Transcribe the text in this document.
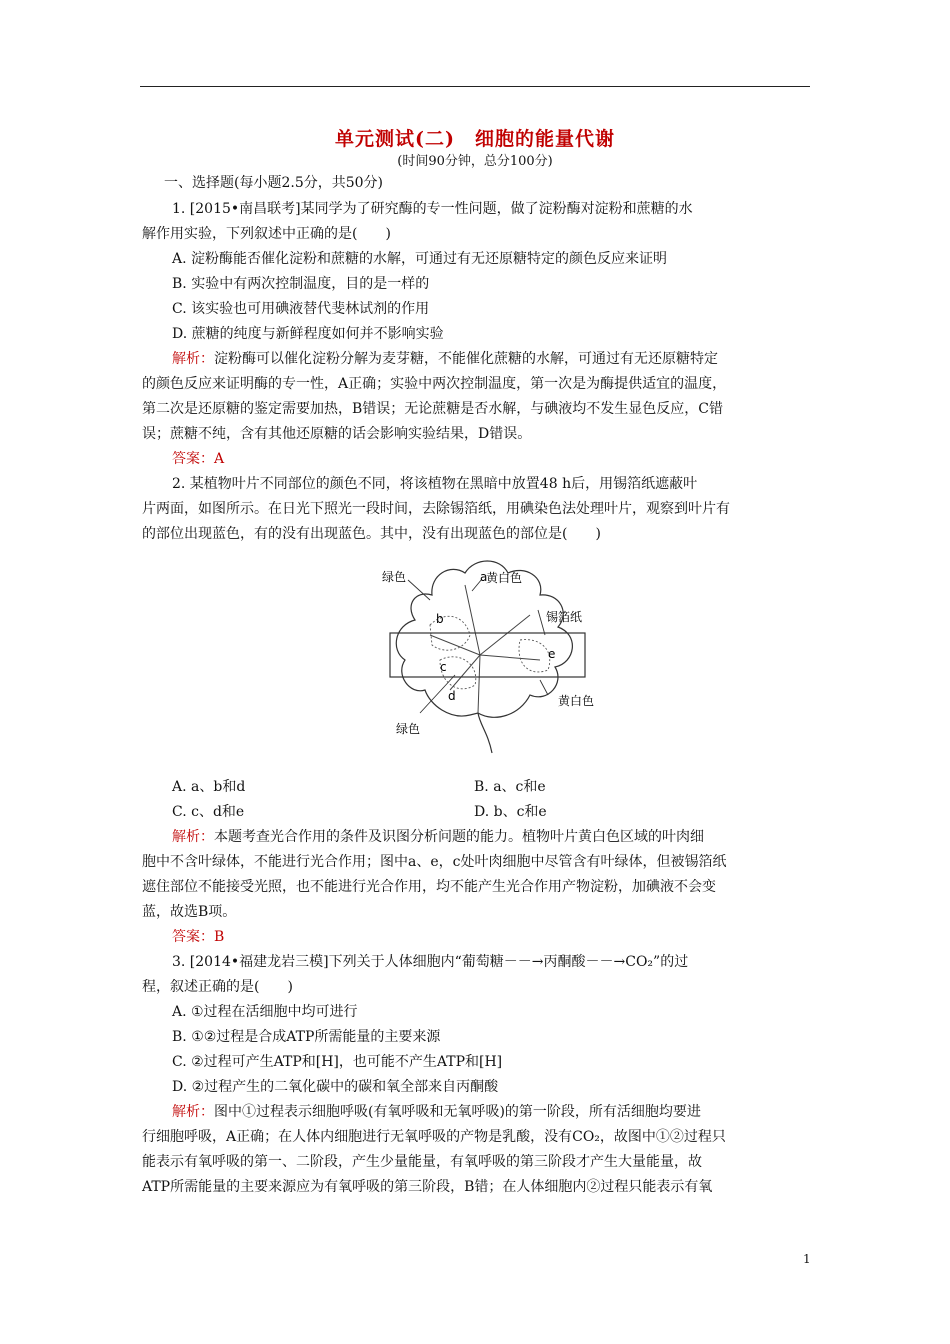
单元测试(二)　细胞的能量代谢
(时间90分钟，总分100分)
一、选择题(每小题2.5分，共50分)
1. [2015•南昌联考]某同学为了研究酶的专一性问题，做了淀粉酶对淀粉和蔗糖的水
解作用实验，下列叙述中正确的是(　　)
A. 淀粉酶能否催化淀粉和蔗糖的水解，可通过有无还原糖特定的颜色反应来证明
B. 实验中有两次控制温度，目的是一样的
C. 该实验也可用碘液替代斐林试剂的作用
D. 蔗糖的纯度与新鲜程度如何并不影响实验
解析：淀粉酶可以催化淀粉分解为麦芽糖，不能催化蔗糖的水解，可通过有无还原糖特定
的颜色反应来证明酶的专一性，A正确；实验中两次控制温度，第一次是为酶提供适宜的温度，
第二次是还原糖的鉴定需要加热，B错误；无论蔗糖是否水解，与碘液均不发生显色反应，C错
误；蔗糖不纯，含有其他还原糖的话会影响实验结果，D错误。
答案：A
2. 某植物叶片不同部位的颜色不同，将该植物在黑暗中放置48 h后，用锡箔纸遮蔽叶
片两面，如图所示。在日光下照光一段时间，去除锡箔纸，用碘染色法处理叶片，观察到叶片有
的部位出现蓝色，有的没有出现蓝色。其中，没有出现蓝色的部位是(　　)
绿色	黄白色
锡箔纸
黄白色
绿色
a
b
c
d
e
A. a、b和d	B. a、c和e
C. c、d和e	D. b、c和e
解析：本题考查光合作用的条件及识图分析问题的能力。植物叶片黄白色区域的叶肉细
胞中不含叶绿体，不能进行光合作用；图中a、e，c处叶肉细胞中尽管含有叶绿体，但被锡箔纸
遮住部位不能接受光照，也不能进行光合作用，均不能产生光合作用产物淀粉，加碘液不会变
蓝，故选B项。
答案：B
3. [2014•福建龙岩三模]下列关于人体细胞内“葡萄糖－－→丙酮酸－－→CO₂”的过
程，叙述正确的是(　　)
A. ①过程在活细胞中均可进行
B. ①②过程是合成ATP所需能量的主要来源
C. ②过程可产生ATP和[H]，也可能不产生ATP和[H]
D. ②过程产生的二氧化碳中的碳和氧全部来自丙酮酸
解析：图中①过程表示细胞呼吸(有氧呼吸和无氧呼吸)的第一阶段，所有活细胞均要进
行细胞呼吸，A正确；在人体内细胞进行无氧呼吸的产物是乳酸，没有CO₂，故图中①②过程只
能表示有氧呼吸的第一、二阶段，产生少量能量，有氧呼吸的第三阶段才产生大量能量，故
ATP所需能量的主要来源应为有氧呼吸的第三阶段，B错；在人体细胞内②过程只能表示有氧
1
